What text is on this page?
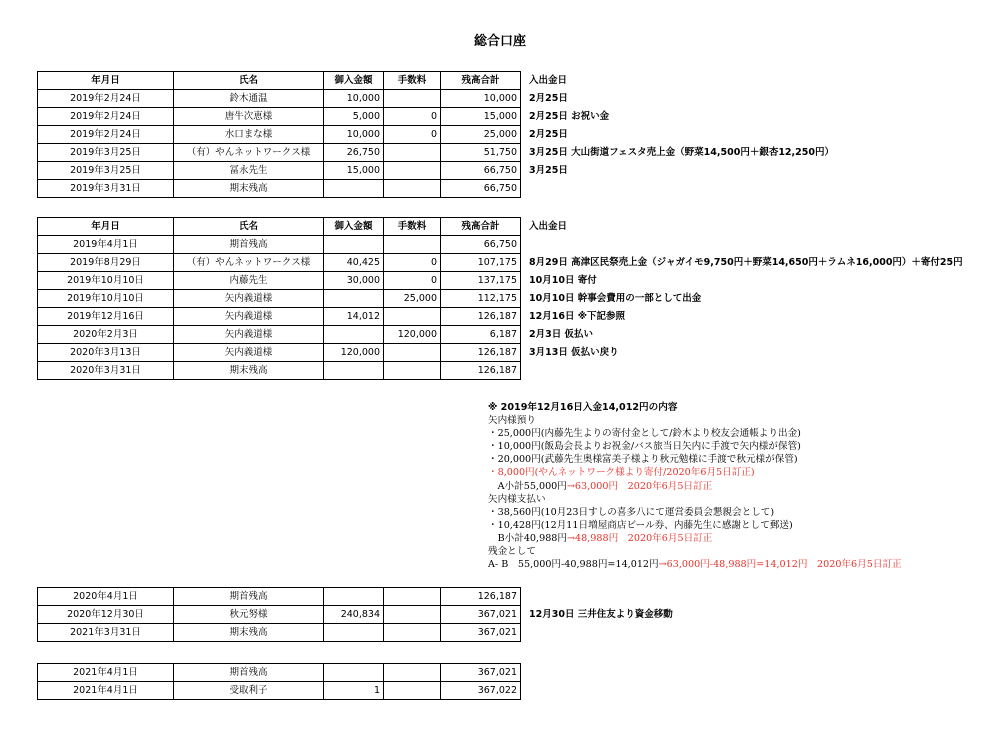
総合口座
年月日	氏名	御入金額	手数料	残高合計	入出金日
2019年2月24日	鈴木通温	10,000		10,000	2月25日
2019年2月24日	唐牛次恵様	5,000	0	15,000	2月25日 お祝い金
2019年2月24日	水口まな様	10,000	0	25,000	2月25日
2019年3月25日	（有）やんネットワークス様	26,750		51,750	3月25日 大山街道フェスタ売上金（野菜14,500円＋銀杏12,250円）
2019年3月25日	冨永先生	15,000		66,750	3月25日
2019年3月31日	期末残高			66,750	
年月日	氏名	御入金額	手数料	残高合計	入出金日
2019年4月1日	期首残高			66,750	
2019年8月29日	（有）やんネットワークス様	40,425	0	107,175	8月29日 高津区民祭売上金（ジャガイモ9,750円＋野菜14,650円＋ラムネ16,000円）＋寄付25円
2019年10月10日	内藤先生	30,000	0	137,175	10月10日 寄付
2019年10月10日	矢内義道様		25,000	112,175	10月10日 幹事会費用の一部として出金
2019年12月16日	矢内義道様	14,012		126,187	12月16日 ※下記参照
2020年2月3日	矢内義道様		120,000	6,187	2月3日 仮払い
2020年3月13日	矢内義道様	120,000		126,187	3月13日 仮払い戻り
2020年3月31日	期末残高			126,187	
2020年4月1日	期首残高			126,187	
2020年12月30日	秋元努様	240,834		367,021	12月30日 三井住友より資金移動
2021年3月31日	期末残高			367,021	
2021年4月1日	期首残高			367,021	
2021年4月1日	受取利子	1		367,022	
※ 2019年12月16日入金14,012円の内容
矢内様預り
・25,000円(内藤先生よりの寄付金として/鈴木より校友会通帳より出金)
・10,000円(飯島会長よりお祝金/バス旅当日矢内に手渡で矢内様が保管)
・20,000円(武藤先生奥様富美子様より秋元勉様に手渡で秋元様が保管)
・8,000円(やんネットワーク様より寄付/2020年6月5日訂正)
　A小計55,000円→63,000円　2020年6月5日訂正
矢内様支払い
・38,560円(10月23日すしの喜多八にて運営委員会懇親会として)
・10,428円(12月11日増屋商店ビール券、内藤先生に感謝として郵送)
　B小計40,988円→48,988円　2020年6月5日訂正
残金として
A- B　55,000円-40,988円=14,012円→63,000円-48,988円=14,012円　2020年6月5日訂正
